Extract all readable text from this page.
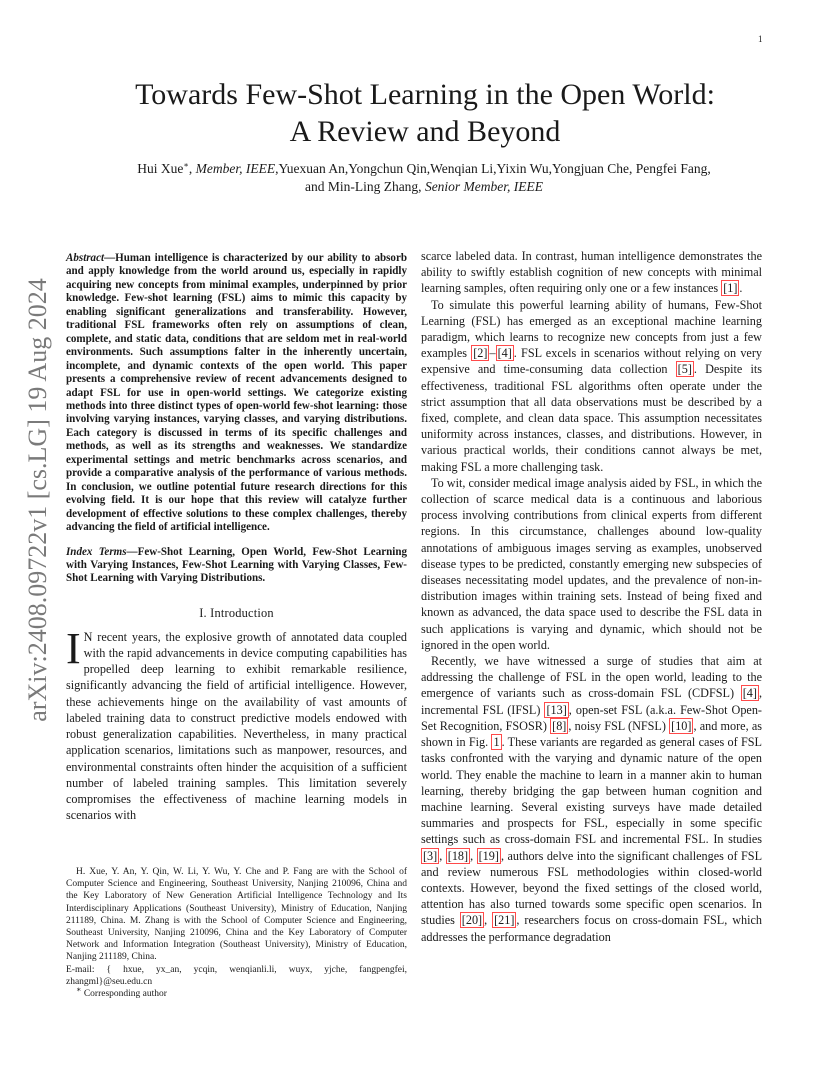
1
arXiv:2408.09722v1 [cs.LG] 19 Aug 2024
Towards Few-Shot Learning in the Open World:
A Review and Beyond
Hui Xue∗, Member, IEEE,Yuexuan An,Yongchun Qin,Wenqian Li,Yixin Wu,Yongjuan Che, Pengfei Fang,
and Min-Ling Zhang, Senior Member, IEEE

Abstract—Human intelligence is characterized by our ability to absorb and apply knowledge from the world around us, especially in rapidly acquiring new concepts from minimal examples, underpinned by prior knowledge. Few-shot learning (FSL) aims to mimic this capacity by enabling significant generalizations and transferability. However, traditional FSL frameworks often rely on assumptions of clean, complete, and static data, conditions that are seldom met in real-world environments. Such assumptions falter in the inherently uncertain, incomplete, and dynamic contexts of the open world. This paper presents a comprehensive review of recent advancements designed to adapt FSL for use in open-world settings. We categorize existing methods into three distinct types of open-world few-shot learning: those involving varying instances, varying classes, and varying distributions. Each category is discussed in terms of its specific challenges and methods, as well as its strengths and weaknesses. We standardize experimental settings and metric benchmarks across scenarios, and provide a comparative analysis of the performance of various methods. In conclusion, we outline potential future research directions for this evolving field. It is our hope that this review will catalyze further development of effective solutions to these complex challenges, thereby advancing the field of artificial intelligence.

Index Terms—Few-Shot Learning, Open World, Few-Shot Learning with Varying Instances, Few-Shot Learning with Varying Classes, Few-Shot Learning with Varying Distributions.

I. Introduction

I N recent years, the explosive growth of annotated data coupled with the rapid advancements in device computing capabilities has propelled deep learning to exhibit remarkable resilience, significantly advancing the field of artificial intelligence. However, these achievements hinge on the availability of vast amounts of labeled training data to construct predictive models endowed with robust generalization capabilities. Nevertheless, in many practical application scenarios, limitations such as manpower, resources, and environmental constraints often hinder the acquisition of a sufficient number of labeled training samples. This limitation severely compromises the effectiveness of machine learning models in scenarios with

H. Xue, Y. An, Y. Qin, W. Li, Y. Wu, Y. Che and P. Fang are with the School of Computer Science and Engineering, Southeast University, Nanjing 210096, China and the Key Laboratory of New Generation Artificial Intelligence Technology and Its Interdisciplinary Applications (Southeast University), Ministry of Education, Nanjing 211189, China. M. Zhang is with the School of Computer Science and Engineering, Southeast University, Nanjing 210096, China and the Key Laboratory of Computer Network and Information Integration (Southeast University), Ministry of Education, Nanjing 211189, China.

E-mail: { hxue, yx_an, ycqin, wenqianli.li, wuyx, yjche, fangpengfei, zhangml}@seu.edu.cn

∗ Corresponding author

scarce labeled data. In contrast, human intelligence demonstrates the ability to swiftly establish cognition of new concepts with minimal learning samples, often requiring only one or a few instances [1] .

To simulate this powerful learning ability of humans, Few-Shot Learning (FSL) has emerged as an exceptional machine learning paradigm, which learns to recognize new concepts from just a few examples [2] – [4] . FSL excels in scenarios without relying on very expensive and time-consuming data collection [5] . Despite its effectiveness, traditional FSL algorithms often operate under the strict assumption that all data observations must be described by a fixed, complete, and clean data space. This assumption necessitates uniformity across instances, classes, and distributions. However, in various practical worlds, their conditions cannot always be met, making FSL a more challenging task.

To wit, consider medical image analysis aided by FSL, in which the collection of scarce medical data is a continuous and laborious process involving contributions from clinical experts from different regions. In this circumstance, challenges abound low-quality annotations of ambiguous images serving as examples, unobserved disease types to be predicted, constantly emerging new subspecies of diseases necessitating model updates, and the prevalence of non-in-distribution images within training sets. Instead of being fixed and known as advanced, the data space used to describe the FSL data in such applications is varying and dynamic, which should not be ignored in the open world.

Recently, we have witnessed a surge of studies that aim at addressing the challenge of FSL in the open world, leading to the emergence of variants such as cross-domain FSL (CDFSL) [4] , incremental FSL (IFSL) [13] , open-set FSL (a.k.a. Few-Shot Open-Set Recognition, FSOSR) [8] , noisy FSL (NFSL) [10] , and more, as shown in Fig. 1 . These variants are regarded as general cases of FSL tasks confronted with the varying and dynamic nature of the open world. They enable the machine to learn in a manner akin to human learning, thereby bridging the gap between human cognition and machine learning. Several existing surveys have made detailed summaries and prospects for FSL, especially in some specific settings such as cross-domain FSL and incremental FSL. In studies [3] , [18] , [19] , authors delve into the significant challenges of FSL and review numerous FSL methodologies within closed-world contexts. However, beyond the fixed settings of the closed world, attention has also turned towards some specific open scenarios. In studies [20] , [21] , researchers focus on cross-domain FSL, which addresses the performance degradation
